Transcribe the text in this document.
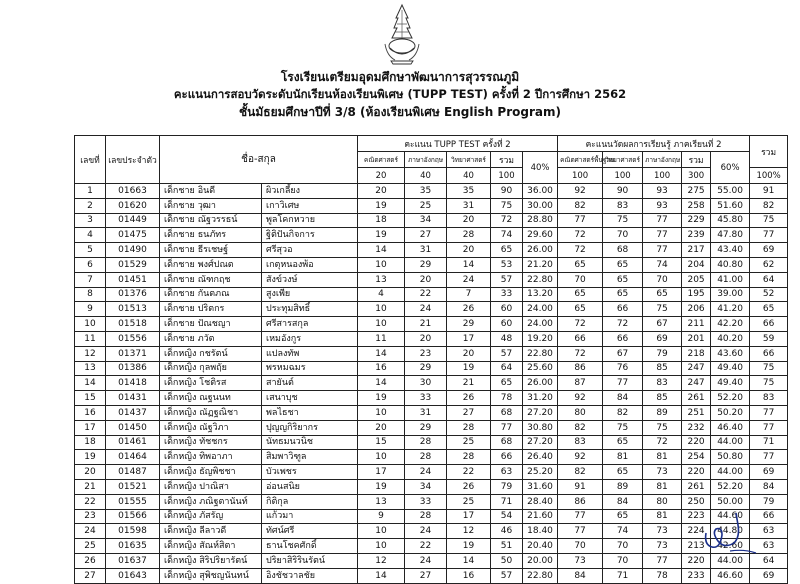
โรงเรียนเตรียมอุดมศึกษาพัฒนาการสุวรรณภูมิ
คะแนนการสอบวัดระดับนักเรียนห้องเรียนพิเศษ (TUPP TEST) ครั้งที่ 2 ปีการศึกษา 2562
ชั้นมัธยมศึกษาปีที่ 3/8 (ห้องเรียนพิเศษ English Program)
เลขที่	เลขประจำตัว	ชื่อ-สกุล		คะแนน TUPP TEST ครั้งที่ 2					คะแนนวัดผลการเรียนรู้ ภาคเรียนที่ 2					รวม
				คณิตศาสตร์	ภาษาอังกฤษ	วิทยาศาสตร์	รวม	40%	คณิตศาสตร์พื้นฐาน	วิทยาศาสตร์	ภาษาอังกฤษ	รวม	60%	
				20	40	40	100		100	100	100	300		100%
1	01663	เด็กชาย อินดี	ผิวเกลี้ยง	20	35	35	90	36.00	92	90	93	275	55.00	91
2	01620	เด็กชาย วุฒา	เกาวิเศษ	19	25	31	75	30.00	82	83	93	258	51.60	82
3	01449	เด็กชาย ณัฐวรรธน์	พูลโคกหวาย	18	34	20	72	28.80	77	75	77	229	45.80	75
4	01475	เด็กชาย ธนภัทร	ฐิติปันกิจการ	19	27	28	74	29.60	72	70	77	239	47.80	77
5	01490	เด็กชาย ธีรเชษฐ์	ศรีสุวอ	14	31	20	65	26.00	72	68	77	217	43.40	69
6	01529	เด็กชาย พงศ์ปณต	เกตุหนองพ้อ	10	29	14	53	21.20	65	65	74	204	40.80	62
7	01451	เด็กชาย ณัฑกฤช	สังข์วงษ์	13	20	24	57	22.80	70	65	70	205	41.00	64
8	01376	เด็กชาย กันตภณ	สูงเพีย	4	22	7	33	13.20	65	65	65	195	39.00	52
9	01513	เด็กชาย ปริตกร	ประทุมสิทธิ์	10	24	26	60	24.00	65	66	75	206	41.20	65
10	01518	เด็กชาย ปัณชญา	ศรีสารสกุล	10	21	29	60	24.00	72	72	67	211	42.20	66
11	01556	เด็กชาย ภวัต	เหมอังกูร	11	20	17	48	19.20	66	66	69	201	40.20	59
12	01371	เด็กหญิง กชรัตน์	แปลงทัพ	14	23	20	57	22.80	72	67	79	218	43.60	66
13	01386	เด็กหญิง กุลพฤัย	พรหมฉมร	16	29	19	64	25.60	86	76	85	247	49.40	75
14	01418	เด็กหญิง โชติรส	สายันต์	14	30	21	65	26.00	87	77	83	247	49.40	75
15	01431	เด็กหญิง ณฐนนท	เสนาบุช	19	33	26	78	31.20	92	84	85	261	52.20	83
16	01437	เด็กหญิง ณัฏฐณิชา	พลไธชา	10	31	27	68	27.20	80	82	89	251	50.20	77
17	01450	เด็กหญิง ณัฐวิภา	ปุญญกิริยากร	20	29	28	77	30.80	82	75	75	232	46.40	77
18	01461	เด็กหญิง ทัชชกร	นัทธมนวนิช	15	28	25	68	27.20	83	65	72	220	44.00	71
19	01464	เด็กหญิง ทิพอาภา	สิมพาวิฑูล	10	28	28	66	26.40	92	81	81	254	50.80	77
20	01487	เด็กหญิง ธัญพิชชา	บัวเพชร	17	24	22	63	25.20	82	65	73	220	44.00	69
21	01521	เด็กหญิง ปาณิสา	อ่อนสนิย	19	34	26	79	31.60	91	89	81	261	52.20	84
22	01555	เด็กหญิง ภณิฐตานันท์	กิติกุล	13	33	25	71	28.40	86	84	80	250	50.00	79
23	01566	เด็กหญิง ภัสรัญ	แก้วมา	9	28	17	54	21.60	77	65	81	223	44.60	66
24	01598	เด็กหญิง ลีลาวดี	ทัศน์ศรี	10	24	12	46	18.40	77	74	73	224	44.80	63
25	01635	เด็กหญิง สัณห์สิตา	ธานโชคศักดิ์	10	22	19	51	20.40	70	70	73	213	42.60	63
26	01637	เด็กหญิง สิริปริยารัตน์	ปริยาสิริรินรัตน์	12	24	14	50	20.00	73	70	77	220	44.00	64
27	01643	เด็กหญิง สุพิชญนันทน์	อิงชัชวาลชัย	14	27	16	57	22.80	84	71	78	233	46.60	69
